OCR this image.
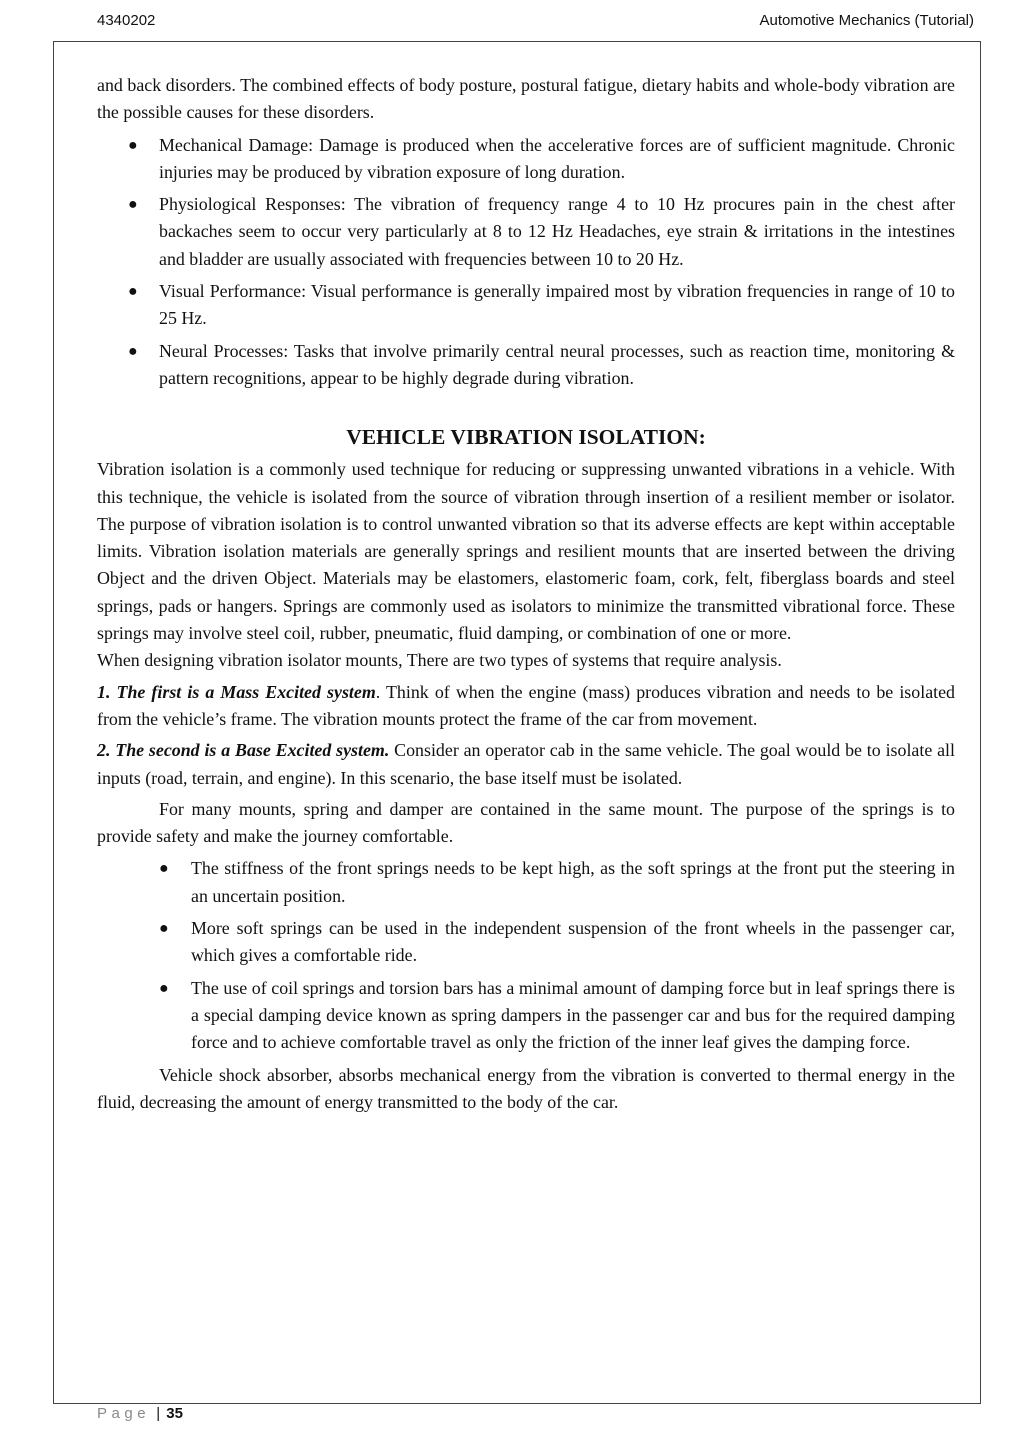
4340202	Automotive Mechanics (Tutorial)

and back disorders. The combined effects of body posture, postural fatigue, dietary habits and whole-body vibration are the possible causes for these disorders.

● Mechanical Damage: Damage is produced when the accelerative forces are of sufficient magnitude. Chronic injuries may be produced by vibration exposure of long duration.
● Physiological Responses: The vibration of frequency range 4 to 10 Hz procures pain in the chest after backaches seem to occur very particularly at 8 to 12 Hz Headaches, eye strain & irritations in the intestines and bladder are usually associated with frequencies between 10 to 20 Hz.
● Visual Performance: Visual performance is generally impaired most by vibration frequencies in range of 10 to 25 Hz.
● Neural Processes: Tasks that involve primarily central neural processes, such as reaction time, monitoring & pattern recognitions, appear to be highly degrade during vibration.
VEHICLE VIBRATION ISOLATION:

Vibration isolation is a commonly used technique for reducing or suppressing unwanted vibrations in a vehicle. With this technique, the vehicle is isolated from the source of vibration through insertion of a resilient member or isolator. The purpose of vibration isolation is to control unwanted vibration so that its adverse effects are kept within acceptable limits. Vibration isolation materials are generally springs and resilient mounts that are inserted between the driving Object and the driven Object. Materials may be elastomers, elastomeric foam, cork, felt, fiberglass boards and steel springs, pads or hangers. Springs are commonly used as isolators to minimize the transmitted vibrational force. These springs may involve steel coil, rubber, pneumatic, fluid damping, or combination of one or more.

When designing vibration isolator mounts, There are two types of systems that require analysis.

1. The first is a Mass Excited system. Think of when the engine (mass) produces vibration and needs to be isolated from the vehicle’s frame. The vibration mounts protect the frame of the car from movement.

2. The second is a Base Excited system. Consider an operator cab in the same vehicle. The goal would be to isolate all inputs (road, terrain, and engine). In this scenario, the base itself must be isolated.

For many mounts, spring and damper are contained in the same mount. The purpose of the springs is to provide safety and make the journey comfortable.

● The stiffness of the front springs needs to be kept high, as the soft springs at the front put the steering in an uncertain position.
● More soft springs can be used in the independent suspension of the front wheels in the passenger car, which gives a comfortable ride.
● The use of coil springs and torsion bars has a minimal amount of damping force but in leaf springs there is a special damping device known as spring dampers in the passenger car and bus for the required damping force and to achieve comfortable travel as only the friction of the inner leaf gives the damping force.

Vehicle shock absorber, absorbs mechanical energy from the vibration is converted to thermal energy in the fluid, decreasing the amount of energy transmitted to the body of the car.

Page | 35
